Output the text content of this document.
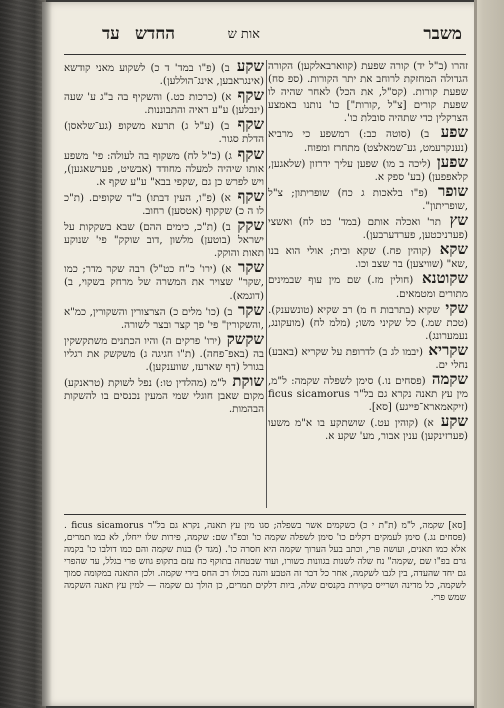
משבר
אות ש
החדש
עד
זהרו (ב"ל יד) קורה שפעת (קווארבאלקען) הקורה הגדולה המחזקת לרוחב את יתר הקורות. (ספ סח) שפעת קורות. (קס"ל, את הכל) לאחר שהיה לו שפעת קורים [צ"ל ,קורות"] כו' נותנו באמצע הצרקלין כדי שתהיה סובלת כו'.
שפע ב) (סוטה כב:) רמשפע כי מרביא (נענקרעמט, גע־שמאלצט) מתחרז ומפוח.
שפען (ליכה ב מו) שפען עליך ידרזון (שלאגען, קלאפפען) (בע' ספק א.
שופר (פ"ו בלאכות ג כח) שופריתון; צ"ל ,שופריתון".
שץ תר' ואכלה אותם (במד' כט לח) ואשצי (פערניכטען, פערדערבען).
שקא (קוהין פח.) שקא ובית; אולי הוא בנו ,שא" (שוויצען) בר שצב וכו.
שקוטנא (חולין מז.) שם מין עוף שבמינים מתורים ומטמאים.
שקי שקיא (בתרבות ח מ) רב שקיא (טונשענק). (טכת שמ.) כל שקיני משו; (מלמ לח) (מועקונג, נעמערונג).
שקריא (יבמו לג ב) לדרופת על שקריא (באבע) נחלי ים.
שקמה (פסחים נו.) סימן לשפלה שקמה: ל"מ, מין עץ תאנה נקרא גם בל"ר ficus sicamorus (זיקאמארא־פייגע) [סא].
שקע א) (קוהין עט.) שושתקע בו א"מ משעו (פערזינקען) ענין אבור, מע' שקע א.
שקע ב) (פ"ו במד' ד כ) לשקוע מאני קודשא (אינגראבען, אינג־הוללען).
שקף א) (כרכות כט.) והשקיף בה ב"ג ע' שעה (ינבלען) ע"ע ראיה והתבוננות.
שקף ב) (ע"ל ג) תרעא משקופ (גע־שלאסן) הדלת סגור.
שקף ג) (כ"ל לח) משקוף בה לעולה: פי' משפע אותו שיהיה למעלה מחודד (אבשיט, פערשאגען), ויש לפרש כן גם ,שקפי בבא" ע"ע שקף א.
שקף א) (פ"ו, העין דבתו) ב"ד שקופים. (ת"כ לו ה כ) שקקוף (אטסען) רחוב.
שקק ב) (ת"כ, כימים ההם) שבא בשקקות על ישראל (בוטען) מלשון ,דוב שוקק" פי' שנוקע תאות והוקק.
שקר א) (ירו' כ"ח כט"ל) רבה שקר מדר; כמו ,שקר" שצויר את המשרה של מרחק בשקוי, ב) (דוגמא).
שקר ב) (כו' מלים כ) הצרצורין והשקורין, כמ"א ,והשקורין" פי' פך קצר ובצר לשורה.
שקשק (ירו' פרקים ה) והיו הכתנים משתקשקין בה (באפ־פחה). (ת"ו חגיגה ג) משקשק את רגליו בגורל (דף שארעז, שווענקען).
שוקת ל"מ (מהלדין טו:) נפל לשוקת (טראנקע) מקום שאבן חוגלי שמי המעין נכנסים בו להשקות הבהמות.
[סא] שקמה, ל"מ (ת"ת י כ) כשקמים אשר בשפלה; סגו מין עץ תאנה, נקרא גם בל"ר ficus sicamorus . (פסחים נג.) סימן לעמקים דקלים כו' סימן לשפלה שקמה כו' ובפ"ו שם: שקמה, פירות שלו ייחלו, לא כמו תמרים, אלא כמו תאנים, ועושה פרי, וכתב בעל הערוך שקמה היא חסרה כו'. (מגד ל) בנות שקמה והם כמו דולבו כו' בקמה גרם בפ"ו שם ,שקמה" נח שלה לשנות בגוונות כשורו, ועוד שבטחה בתוקף כח עזם בתקופ גוזש פרי בגלל, עד שהפרי גם יחד שהעדה, בין לגבו לשקמה, אחר כל דבר זה הטבע והנה בכולו רכ החס בירי שקמה. ולכן התאנה במקומה סמוך לשקמה, כל מדינה ושרייס בקוירת בקנסים שלה, ביות דלקים תמרים, כן הולך גם שקמה — למין עץ תאנה השקמה שמש פרי.
